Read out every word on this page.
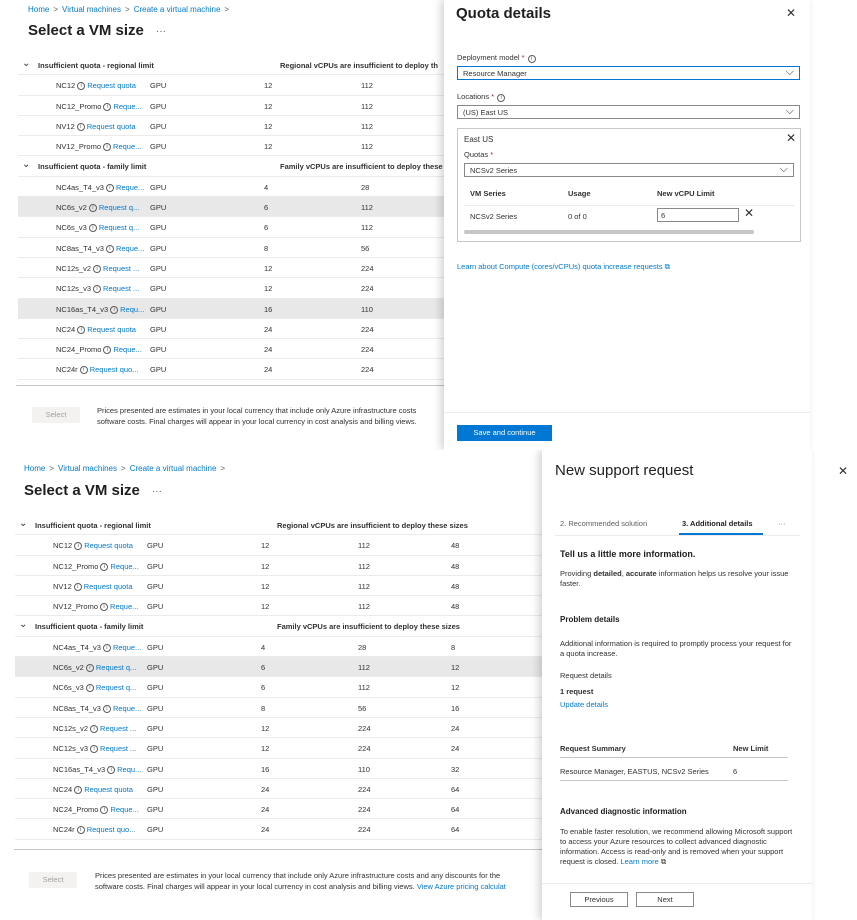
Home > Virtual machines > Create a virtual machine >
Select a VM size ···
⌄ Insufficient quota - regional limit	Regional vCPUs are insufficient to deploy th
NC12 i Request quota GPU	12	112
NC12_Promo i Reque... GPU	12	112
NV12 i Request quota GPU	12	112
NV12_Promo i Reque... GPU	12	112
⌄ Insufficient quota - family limit	Family vCPUs are insufficient to deploy these
NC4as_T4_v3 i Reque... GPU	4	28
NC6s_v2 i Request q... GPU	6	112
NC6s_v3 i Request q... GPU	6	112
NC8as_T4_v3 i Reque... GPU	8	56
NC12s_v2 i Request ... GPU	12	224
NC12s_v3 i Request ... GPU	12	224
NC16as_T4_v3 i Requ... GPU	16	110
NC24 i Request quota GPU	24	224
NC24_Promo i Reque... GPU	24	224
NC24r i Request quo... GPU	24	224
Select	Prices presented are estimates in your local currency that include only Azure infrastructure costs
software costs. Final charges will appear in your local currency in cost analysis and billing views.
Quota details	✕
Deployment model * i
Resource Manager	⌵
Locations * i
(US) East US	⌵
East US	✕
Quotas *
NCSv2 Series	⌵
VM Series	Usage	New vCPU Limit
NCSv2 Series	0 of 0	6	✕
Learn about Compute (cores/vCPUs) quota increase requests ⧉
Save and continue
Home > Virtual machines > Create a virtual machine >
Select a VM size ···
⌄ Insufficient quota - regional limit	Regional vCPUs are insufficient to deploy these sizes
NC12 i Request quota GPU	12	112	48
NC12_Promo i Reque... GPU	12	112	48
NV12 i Request quota GPU	12	112	48
NV12_Promo i Reque... GPU	12	112	48
⌄ Insufficient quota - family limit	Family vCPUs are insufficient to deploy these sizes
NC4as_T4_v3 i Reque... GPU	4	28	8
NC6s_v2 i Request q... GPU	6	112	12
NC6s_v3 i Request q... GPU	6	112	12
NC8as_T4_v3 i Reque... GPU	8	56	16
NC12s_v2 i Request ... GPU	12	224	24
NC12s_v3 i Request ... GPU	12	224	24
NC16as_T4_v3 i Requ... GPU	16	110	32
NC24 i Request quota GPU	24	224	64
NC24_Promo i Reque... GPU	24	224	64
NC24r i Request quo... GPU	24	224	64
Select	Prices presented are estimates in your local currency that include only Azure infrastructure costs and any discounts for the
software costs. Final charges will appear in your local currency in cost analysis and billing views. View Azure pricing calculat
New support request	✕
2. Recommended solution	3. Additional details	···
Tell us a little more information.
Providing detailed, accurate information helps us resolve your issue faster.
Problem details
Additional information is required to promptly process your request for a quota increase.
Request details
1 request
Update details
Request Summary	New Limit
Resource Manager, EASTUS, NCSv2 Series	6
Advanced diagnostic information
To enable faster resolution, we recommend allowing Microsoft support to access your Azure resources to collect advanced diagnostic information. Access is read-only and is removed when your support request is closed. Learn more ⧉
Previous	Next
